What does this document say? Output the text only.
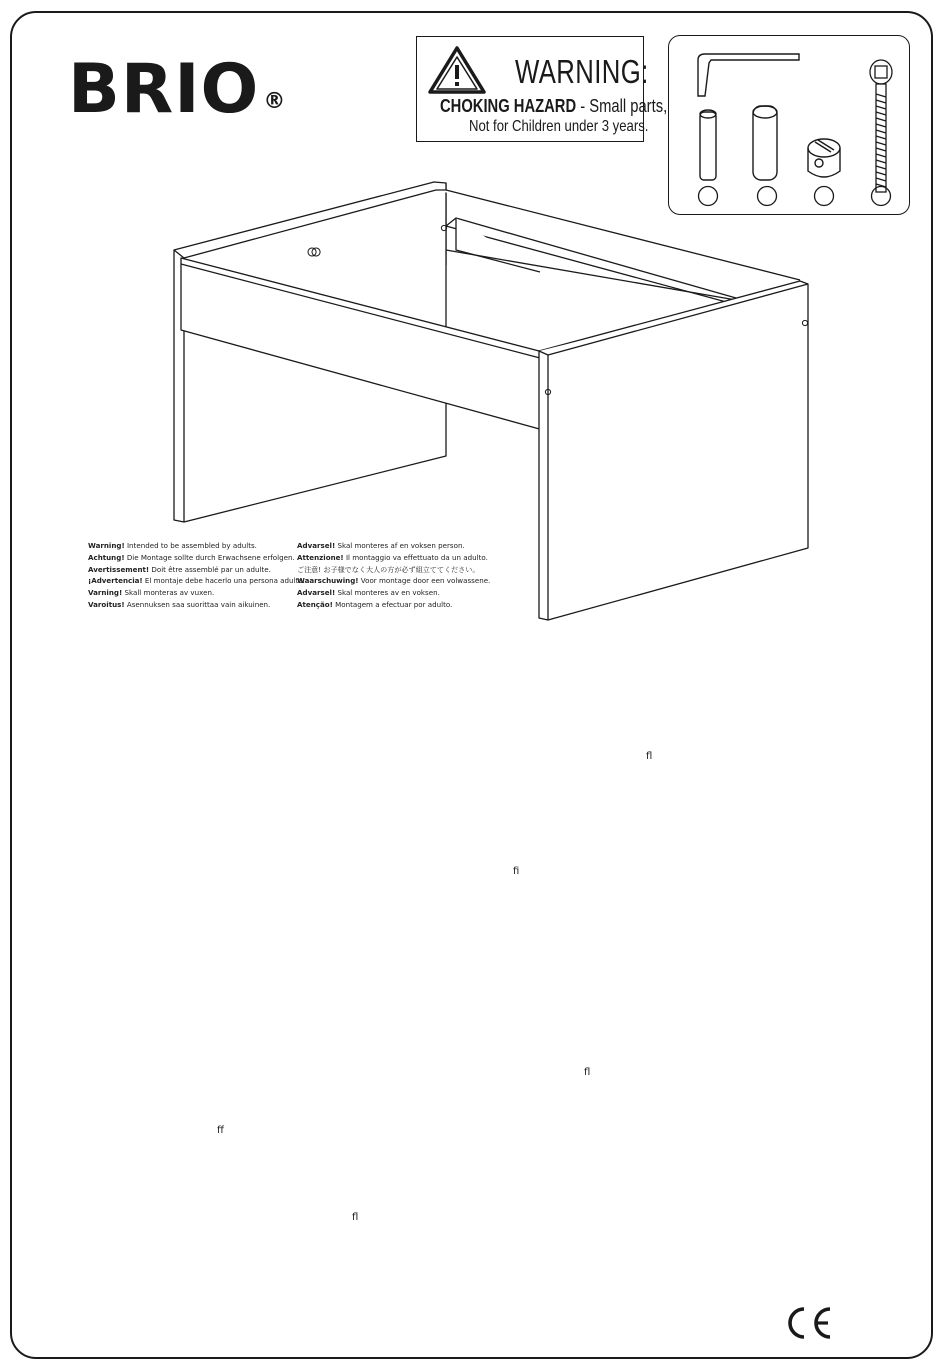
BRIO ®
WARNING:
CHOKING HAZARD - Small parts,
Not for Children under 3 years.
Warning! Intended to be assembled by adults.
Achtung! Die Montage sollte durch Erwachsene erfolgen.
Avertissement! Doit être assemblé par un adulte.
¡Advertencia! El montaje debe hacerlo una persona adulta.
Varning! Skall monteras av vuxen.
Varoitus! Asennuksen saa suorittaa vain aikuinen.
Advarsel! Skal monteres af en voksen person.
Attenzione! Il montaggio va effettuato da un adulto.
ご注意! お子様でなく大人の方が必ず組立ててください。
Waarschuwing! Voor montage door een volwassene.
Advarsel! Skal monteres av en voksen.
Atenção! Montagem a efectuar por adulto.
ﬂ
ﬁ
ﬂ
ﬀ
ﬂ
